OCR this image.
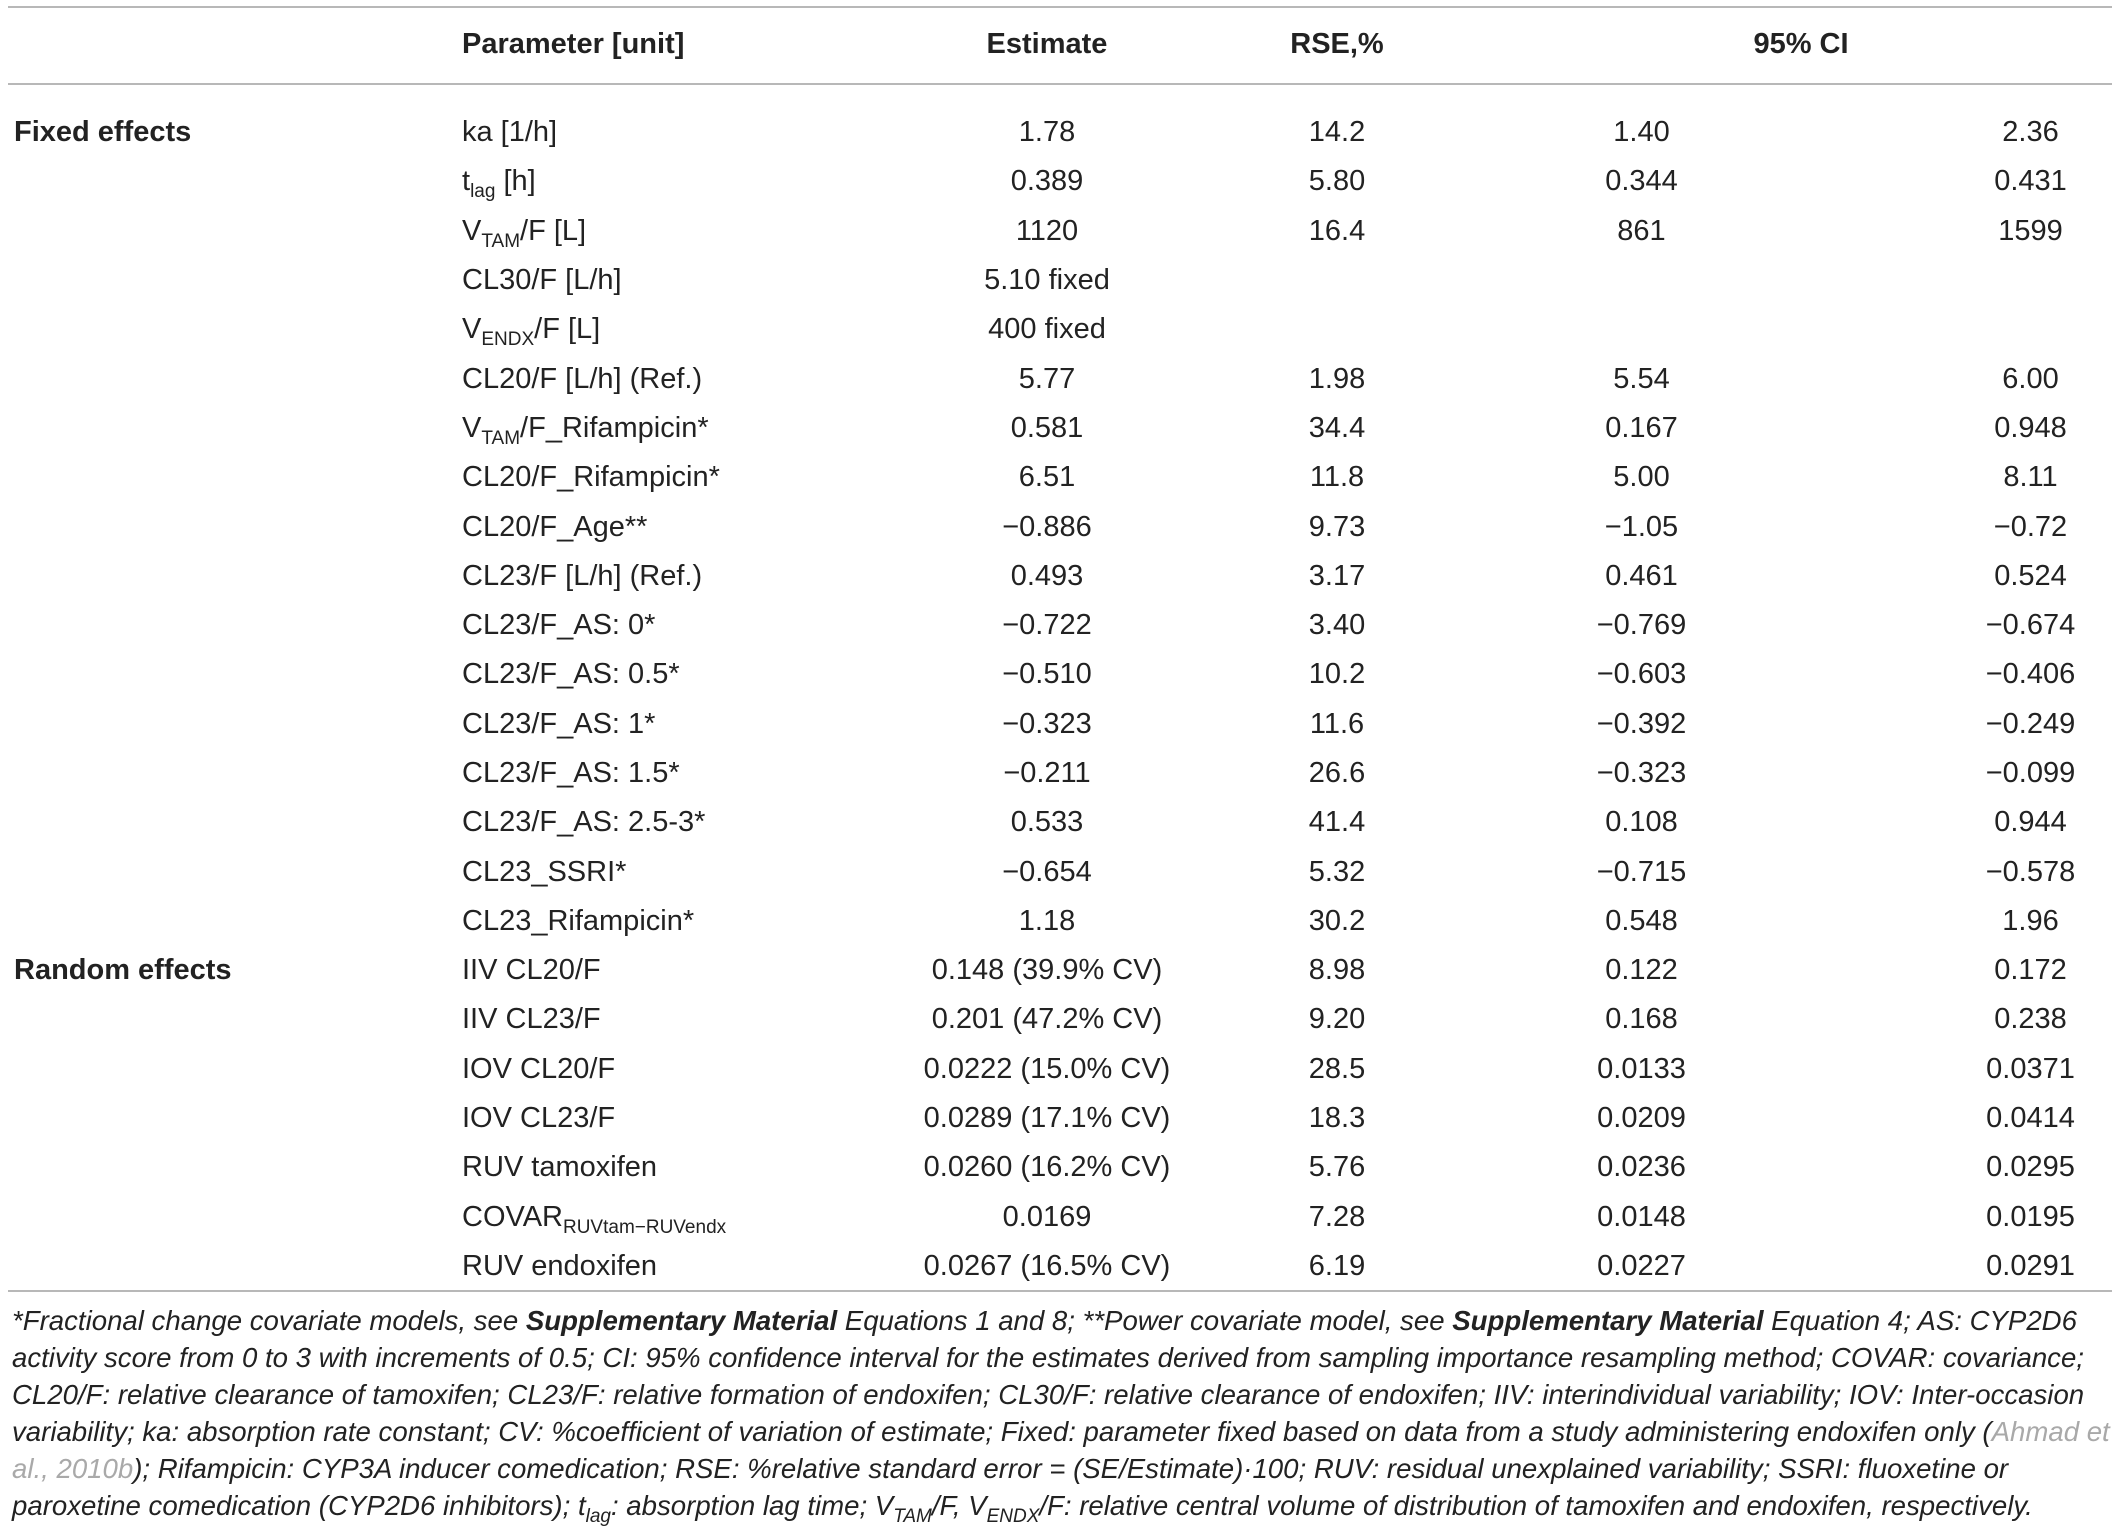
	Parameter [unit]	Estimate	RSE,%	95% CI	

Fixed effects	ka [1/h]	1.78	14.2	1.40	2.36
	$t_{lag}$ [h]	0.389	5.80	0.344	0.431
	$V_{TAM}/F$ [L]	1120	16.4	861	1599
	CL30/F [L/h]	5.10 fixed			
	$V_{ENDX}/F$ [L]	400 fixed			
	CL20/F [L/h] (Ref.)	5.77	1.98	5.54	6.00
	$V_{TAM}/F\_Rifampicin*$	0.581	34.4	0.167	0.948
	CL20/F_Rifampicin*	6.51	11.8	5.00	8.11
	CL20/F_Age**	−0.886	9.73	−1.05	−0.72
	CL23/F [L/h] (Ref.)	0.493	3.17	0.461	0.524
	CL23/F_AS: 0*	−0.722	3.40	−0.769	−0.674
	CL23/F_AS: 0.5*	−0.510	10.2	−0.603	−0.406
	CL23/F_AS: 1*	−0.323	11.6	−0.392	−0.249
	CL23/F_AS: 1.5*	−0.211	26.6	−0.323	−0.099
	CL23/F_AS: 2.5-3*	0.533	41.4	0.108	0.944
	CL23_SSRI*	−0.654	5.32	−0.715	−0.578
	CL23_Rifampicin*	1.18	30.2	0.548	1.96
Random effects	IIV CL20/F	0.148 (39.9% CV)	8.98	0.122	0.172
	IIV CL23/F	0.201 (47.2% CV)	9.20	0.168	0.238
	IOV CL20/F	0.0222 (15.0% CV)	28.5	0.0133	0.0371
	IOV CL23/F	0.0289 (17.1% CV)	18.3	0.0209	0.0414
	RUV tamoxifen	0.0260 (16.2% CV)	5.76	0.0236	0.0295
	$COVAR_{RUVtam-RUVendx}$	0.0169	7.28	0.0148	0.0195
	RUV endoxifen	0.0267 (16.5% CV)	6.19	0.0227	0.0291
*Fractional change covariate models, see Supplementary Material Equations 1 and 8; **Power covariate model, see Supplementary Material Equation 4; AS: CYP2D6 activity score from 0 to 3 with increments of 0.5; CI: 95% confidence interval for the estimates derived from sampling importance resampling method; COVAR: covariance; CL20/F: relative clearance of tamoxifen; CL23/F: relative formation of endoxifen; CL30/F: relative clearance of endoxifen; IIV: interindividual variability; IOV: Inter-occasion variability; ka: absorption rate constant; CV: %coefficient of variation of estimate; Fixed: parameter fixed based on data from a study administering endoxifen only (Ahmad et al., 2010b); Rifampicin: CYP3A inducer comedication; RSE: %relative standard error = (SE/Estimate)·100; RUV: residual unexplained variability; SSRI: fluoxetine or paroxetine comedication (CYP2D6 inhibitors); $t_{lag}$: absorption lag time; $V_{TAM}/F$, $V_{ENDX}/F$: relative central volume of distribution of tamoxifen and endoxifen, respectively.
